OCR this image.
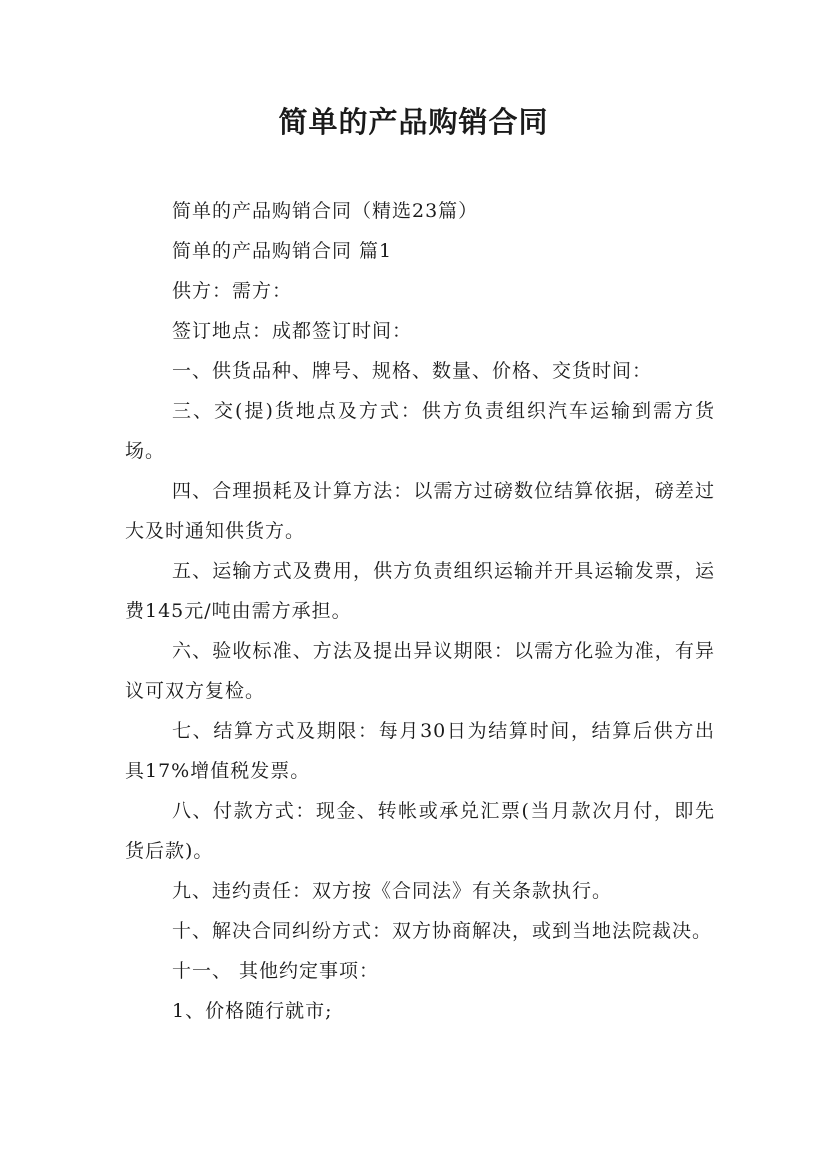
简单的产品购销合同

简单的产品购销合同（精选23篇）

简单的产品购销合同 篇1

供方：需方：

签订地点：成都签订时间：

一、供货品种、牌号、规格、数量、价格、交货时间：

三、交(提)货地点及方式：供方负责组织汽车运输到需方货场。

四、合理损耗及计算方法：以需方过磅数位结算依据，磅差过大及时通知供货方。

五、运输方式及费用，供方负责组织运输并开具运输发票，运费145元/吨由需方承担。

六、验收标准、方法及提出异议期限：以需方化验为准，有异议可双方复检。

七、结算方式及期限：每月30日为结算时间，结算后供方出具17%增值税发票。

八、付款方式：现金、转帐或承兑汇票(当月款次月付，即先货后款)。

九、违约责任：双方按《合同法》有关条款执行。

十、解决合同纠纷方式：双方协商解决，或到当地法院裁决。

十一、 其他约定事项：

1、价格随行就市;
